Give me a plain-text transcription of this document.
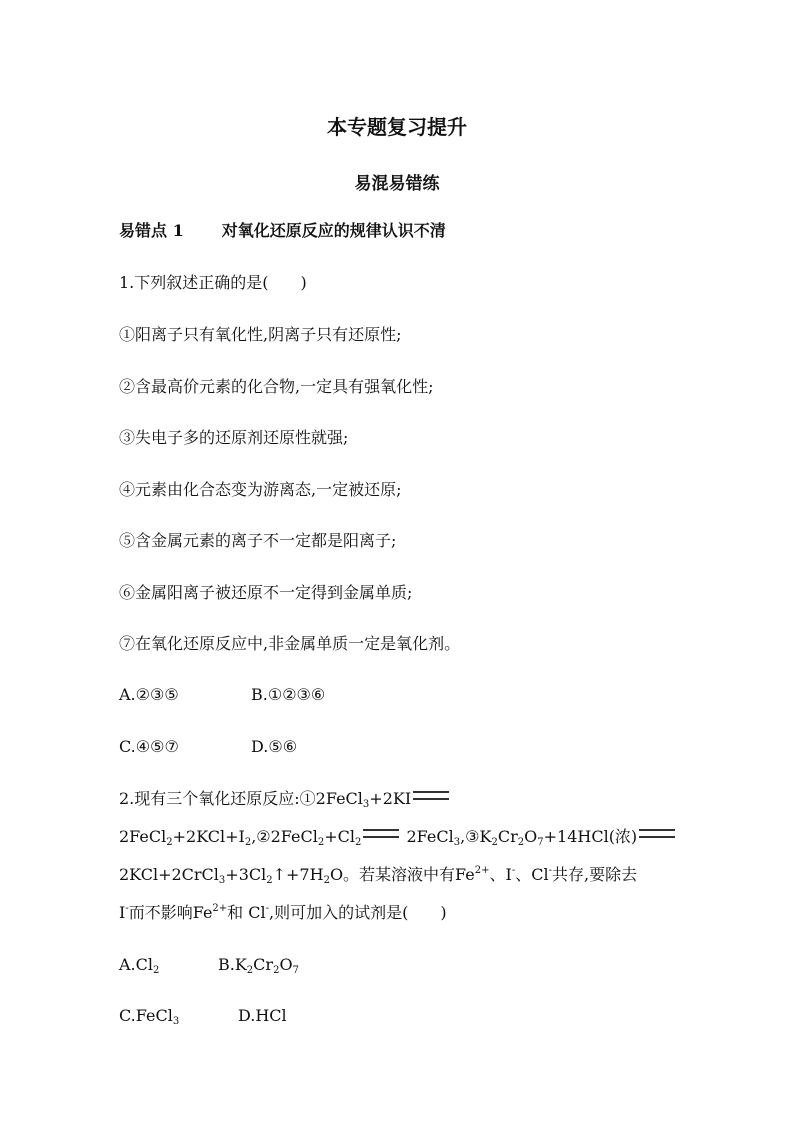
本专题复习提升
易混易错练
易错点 1 对氧化还原反应的规律认识不清
1.下列叙述正确的是(　　)
①阳离子只有氧化性,阴离子只有还原性;
②含最高价元素的化合物,一定具有强氧化性;
③失电子多的还原剂还原性就强;
④元素由化合态变为游离态,一定被还原;
⑤含金属元素的离子不一定都是阳离子;
⑥金属阳离子被还原不一定得到金属单质;
⑦在氧化还原反应中,非金属单质一定是氧化剂。
A.②③⑤	B.①②③⑥
C.④⑤⑦	D.⑤⑥
2.现有三个氧化还原反应:①2FeCl$_3$+2KI
$2FeCl_2+2KCl+I_2,②2FeCl_2+Cl_2$	$2FeCl_3,③K_2Cr_2O_7+14HCl$(浓)
$2KCl+2CrCl_3+3Cl_2↑+7H_2O$。若某溶液中有$Fe^{2+}$、I-、Cl-共存,要除去
I-而不影响$Fe^{2+}$和 Cl-,则可加入的试剂是(　　)
$A.Cl_2$	$B.K_2Cr_2O_7$
C.FeCl$_3$	D.HCl
